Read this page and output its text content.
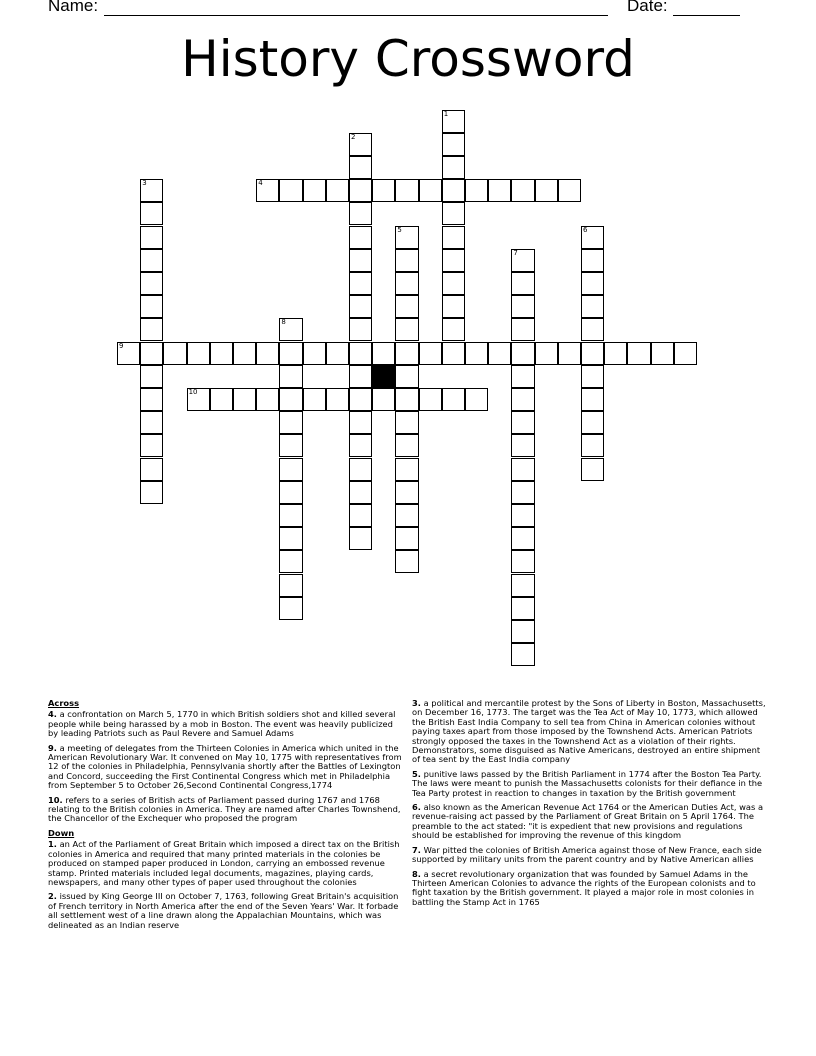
Name:	Date:
History Crossword
1
2
3	4
5	6
7
8
9
10
Across
4. a confrontation on March 5, 1770 in which British soldiers shot and killed several people while being harassed by a mob in Boston. The event was heavily publicized by leading Patriots such as Paul Revere and Samuel Adams
9. a meeting of delegates from the Thirteen Colonies in America which united in the American Revolutionary War. It convened on May 10, 1775 with representatives from 12 of the colonies in Philadelphia, Pennsylvania shortly after the Battles of Lexington and Concord, succeeding the First Continental Congress which met in Philadelphia from September 5 to October 26,Second Continental Congress,1774
10. refers to a series of British acts of Parliament passed during 1767 and 1768 relating to the British colonies in America. They are named after Charles Townshend, the Chancellor of the Exchequer who proposed the program
Down
1. an Act of the Parliament of Great Britain which imposed a direct tax on the British colonies in America and required that many printed materials in the colonies be produced on stamped paper produced in London, carrying an embossed revenue stamp. Printed materials included legal documents, magazines, playing cards, newspapers, and many other types of paper used throughout the colonies
2. issued by King George III on October 7, 1763, following Great Britain's acquisition of French territory in North America after the end of the Seven Years' War. It forbade all settlement west of a line drawn along the Appalachian Mountains, which was delineated as an Indian reserve
3. a political and mercantile protest by the Sons of Liberty in Boston, Massachusetts, on December 16, 1773. The target was the Tea Act of May 10, 1773, which allowed the British East India Company to sell tea from China in American colonies without paying taxes apart from those imposed by the Townshend Acts. American Patriots strongly opposed the taxes in the Townshend Act as a violation of their rights. Demonstrators, some disguised as Native Americans, destroyed an entire shipment of tea sent by the East India company
5. punitive laws passed by the British Parliament in 1774 after the Boston Tea Party. The laws were meant to punish the Massachusetts colonists for their defiance in the Tea Party protest in reaction to changes in taxation by the British government
6. also known as the American Revenue Act 1764 or the American Duties Act, was a revenue-raising act passed by the Parliament of Great Britain on 5 April 1764. The preamble to the act stated: "it is expedient that new provisions and regulations should be established for improving the revenue of this kingdom
7. War pitted the colonies of British America against those of New France, each side supported by military units from the parent country and by Native American allies
8. a secret revolutionary organization that was founded by Samuel Adams in the Thirteen American Colonies to advance the rights of the European colonists and to fight taxation by the British government. It played a major role in most colonies in battling the Stamp Act in 1765
